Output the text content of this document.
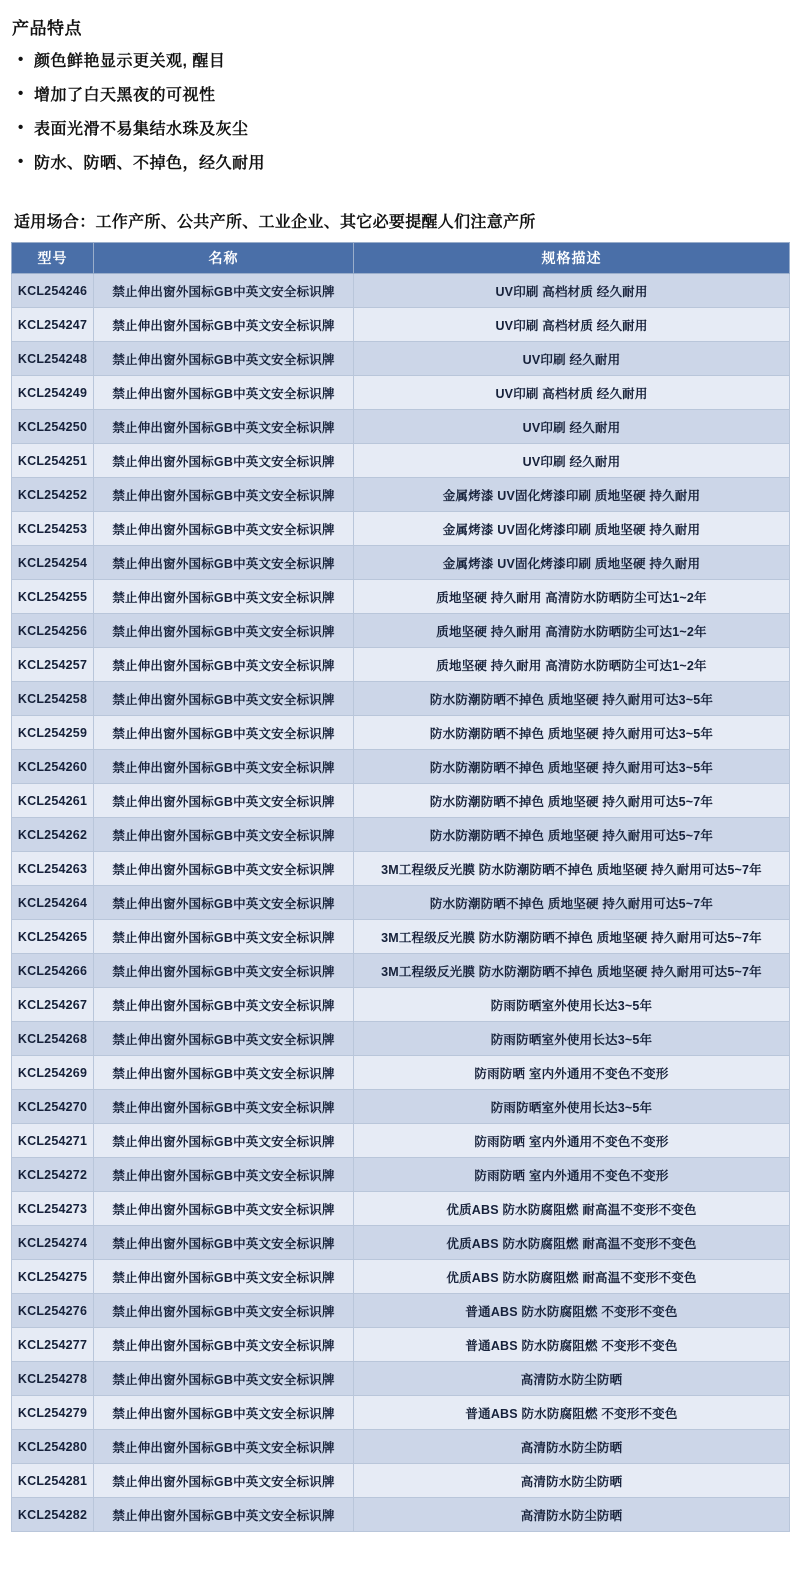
产品特点
• 颜色鲜艳显示更关观, 醒目
• 增加了白天黑夜的可视性
• 表面光滑不易集结水珠及灰尘
• 防水、防晒、不掉色，经久耐用
适用场合：工作产所、公共产所、工业企业、其它必要提醒人们注意产所
型号	名称	规格描述
KCL254246	禁止伸出窗外国标GB中英文安全标识牌	UV印刷 高档材质 经久耐用
KCL254247	禁止伸出窗外国标GB中英文安全标识牌	UV印刷 高档材质 经久耐用
KCL254248	禁止伸出窗外国标GB中英文安全标识牌	UV印刷 经久耐用
KCL254249	禁止伸出窗外国标GB中英文安全标识牌	UV印刷 高档材质 经久耐用
KCL254250	禁止伸出窗外国标GB中英文安全标识牌	UV印刷 经久耐用
KCL254251	禁止伸出窗外国标GB中英文安全标识牌	UV印刷 经久耐用
KCL254252	禁止伸出窗外国标GB中英文安全标识牌	金属烤漆 UV固化烤漆印刷 质地坚硬 持久耐用
KCL254253	禁止伸出窗外国标GB中英文安全标识牌	金属烤漆 UV固化烤漆印刷 质地坚硬 持久耐用
KCL254254	禁止伸出窗外国标GB中英文安全标识牌	金属烤漆 UV固化烤漆印刷 质地坚硬 持久耐用
KCL254255	禁止伸出窗外国标GB中英文安全标识牌	质地坚硬 持久耐用 高清防水防晒防尘可达1~2年
KCL254256	禁止伸出窗外国标GB中英文安全标识牌	质地坚硬 持久耐用 高清防水防晒防尘可达1~2年
KCL254257	禁止伸出窗外国标GB中英文安全标识牌	质地坚硬 持久耐用 高清防水防晒防尘可达1~2年
KCL254258	禁止伸出窗外国标GB中英文安全标识牌	防水防潮防晒不掉色 质地坚硬 持久耐用可达3~5年
KCL254259	禁止伸出窗外国标GB中英文安全标识牌	防水防潮防晒不掉色 质地坚硬 持久耐用可达3~5年
KCL254260	禁止伸出窗外国标GB中英文安全标识牌	防水防潮防晒不掉色 质地坚硬 持久耐用可达3~5年
KCL254261	禁止伸出窗外国标GB中英文安全标识牌	防水防潮防晒不掉色 质地坚硬 持久耐用可达5~7年
KCL254262	禁止伸出窗外国标GB中英文安全标识牌	防水防潮防晒不掉色 质地坚硬 持久耐用可达5~7年
KCL254263	禁止伸出窗外国标GB中英文安全标识牌	3M工程级反光膜 防水防潮防晒不掉色 质地坚硬 持久耐用可达5~7年
KCL254264	禁止伸出窗外国标GB中英文安全标识牌	防水防潮防晒不掉色 质地坚硬 持久耐用可达5~7年
KCL254265	禁止伸出窗外国标GB中英文安全标识牌	3M工程级反光膜 防水防潮防晒不掉色 质地坚硬 持久耐用可达5~7年
KCL254266	禁止伸出窗外国标GB中英文安全标识牌	3M工程级反光膜 防水防潮防晒不掉色 质地坚硬 持久耐用可达5~7年
KCL254267	禁止伸出窗外国标GB中英文安全标识牌	防雨防晒室外使用长达3~5年
KCL254268	禁止伸出窗外国标GB中英文安全标识牌	防雨防晒室外使用长达3~5年
KCL254269	禁止伸出窗外国标GB中英文安全标识牌	防雨防晒 室内外通用不变色不变形
KCL254270	禁止伸出窗外国标GB中英文安全标识牌	防雨防晒室外使用长达3~5年
KCL254271	禁止伸出窗外国标GB中英文安全标识牌	防雨防晒 室内外通用不变色不变形
KCL254272	禁止伸出窗外国标GB中英文安全标识牌	防雨防晒 室内外通用不变色不变形
KCL254273	禁止伸出窗外国标GB中英文安全标识牌	优质ABS 防水防腐阻燃 耐高温不变形不变色
KCL254274	禁止伸出窗外国标GB中英文安全标识牌	优质ABS 防水防腐阻燃 耐高温不变形不变色
KCL254275	禁止伸出窗外国标GB中英文安全标识牌	优质ABS 防水防腐阻燃 耐高温不变形不变色
KCL254276	禁止伸出窗外国标GB中英文安全标识牌	普通ABS 防水防腐阻燃 不变形不变色
KCL254277	禁止伸出窗外国标GB中英文安全标识牌	普通ABS 防水防腐阻燃 不变形不变色
KCL254278	禁止伸出窗外国标GB中英文安全标识牌	高清防水防尘防晒
KCL254279	禁止伸出窗外国标GB中英文安全标识牌	普通ABS 防水防腐阻燃 不变形不变色
KCL254280	禁止伸出窗外国标GB中英文安全标识牌	高清防水防尘防晒
KCL254281	禁止伸出窗外国标GB中英文安全标识牌	高清防水防尘防晒
KCL254282	禁止伸出窗外国标GB中英文安全标识牌	高清防水防尘防晒
